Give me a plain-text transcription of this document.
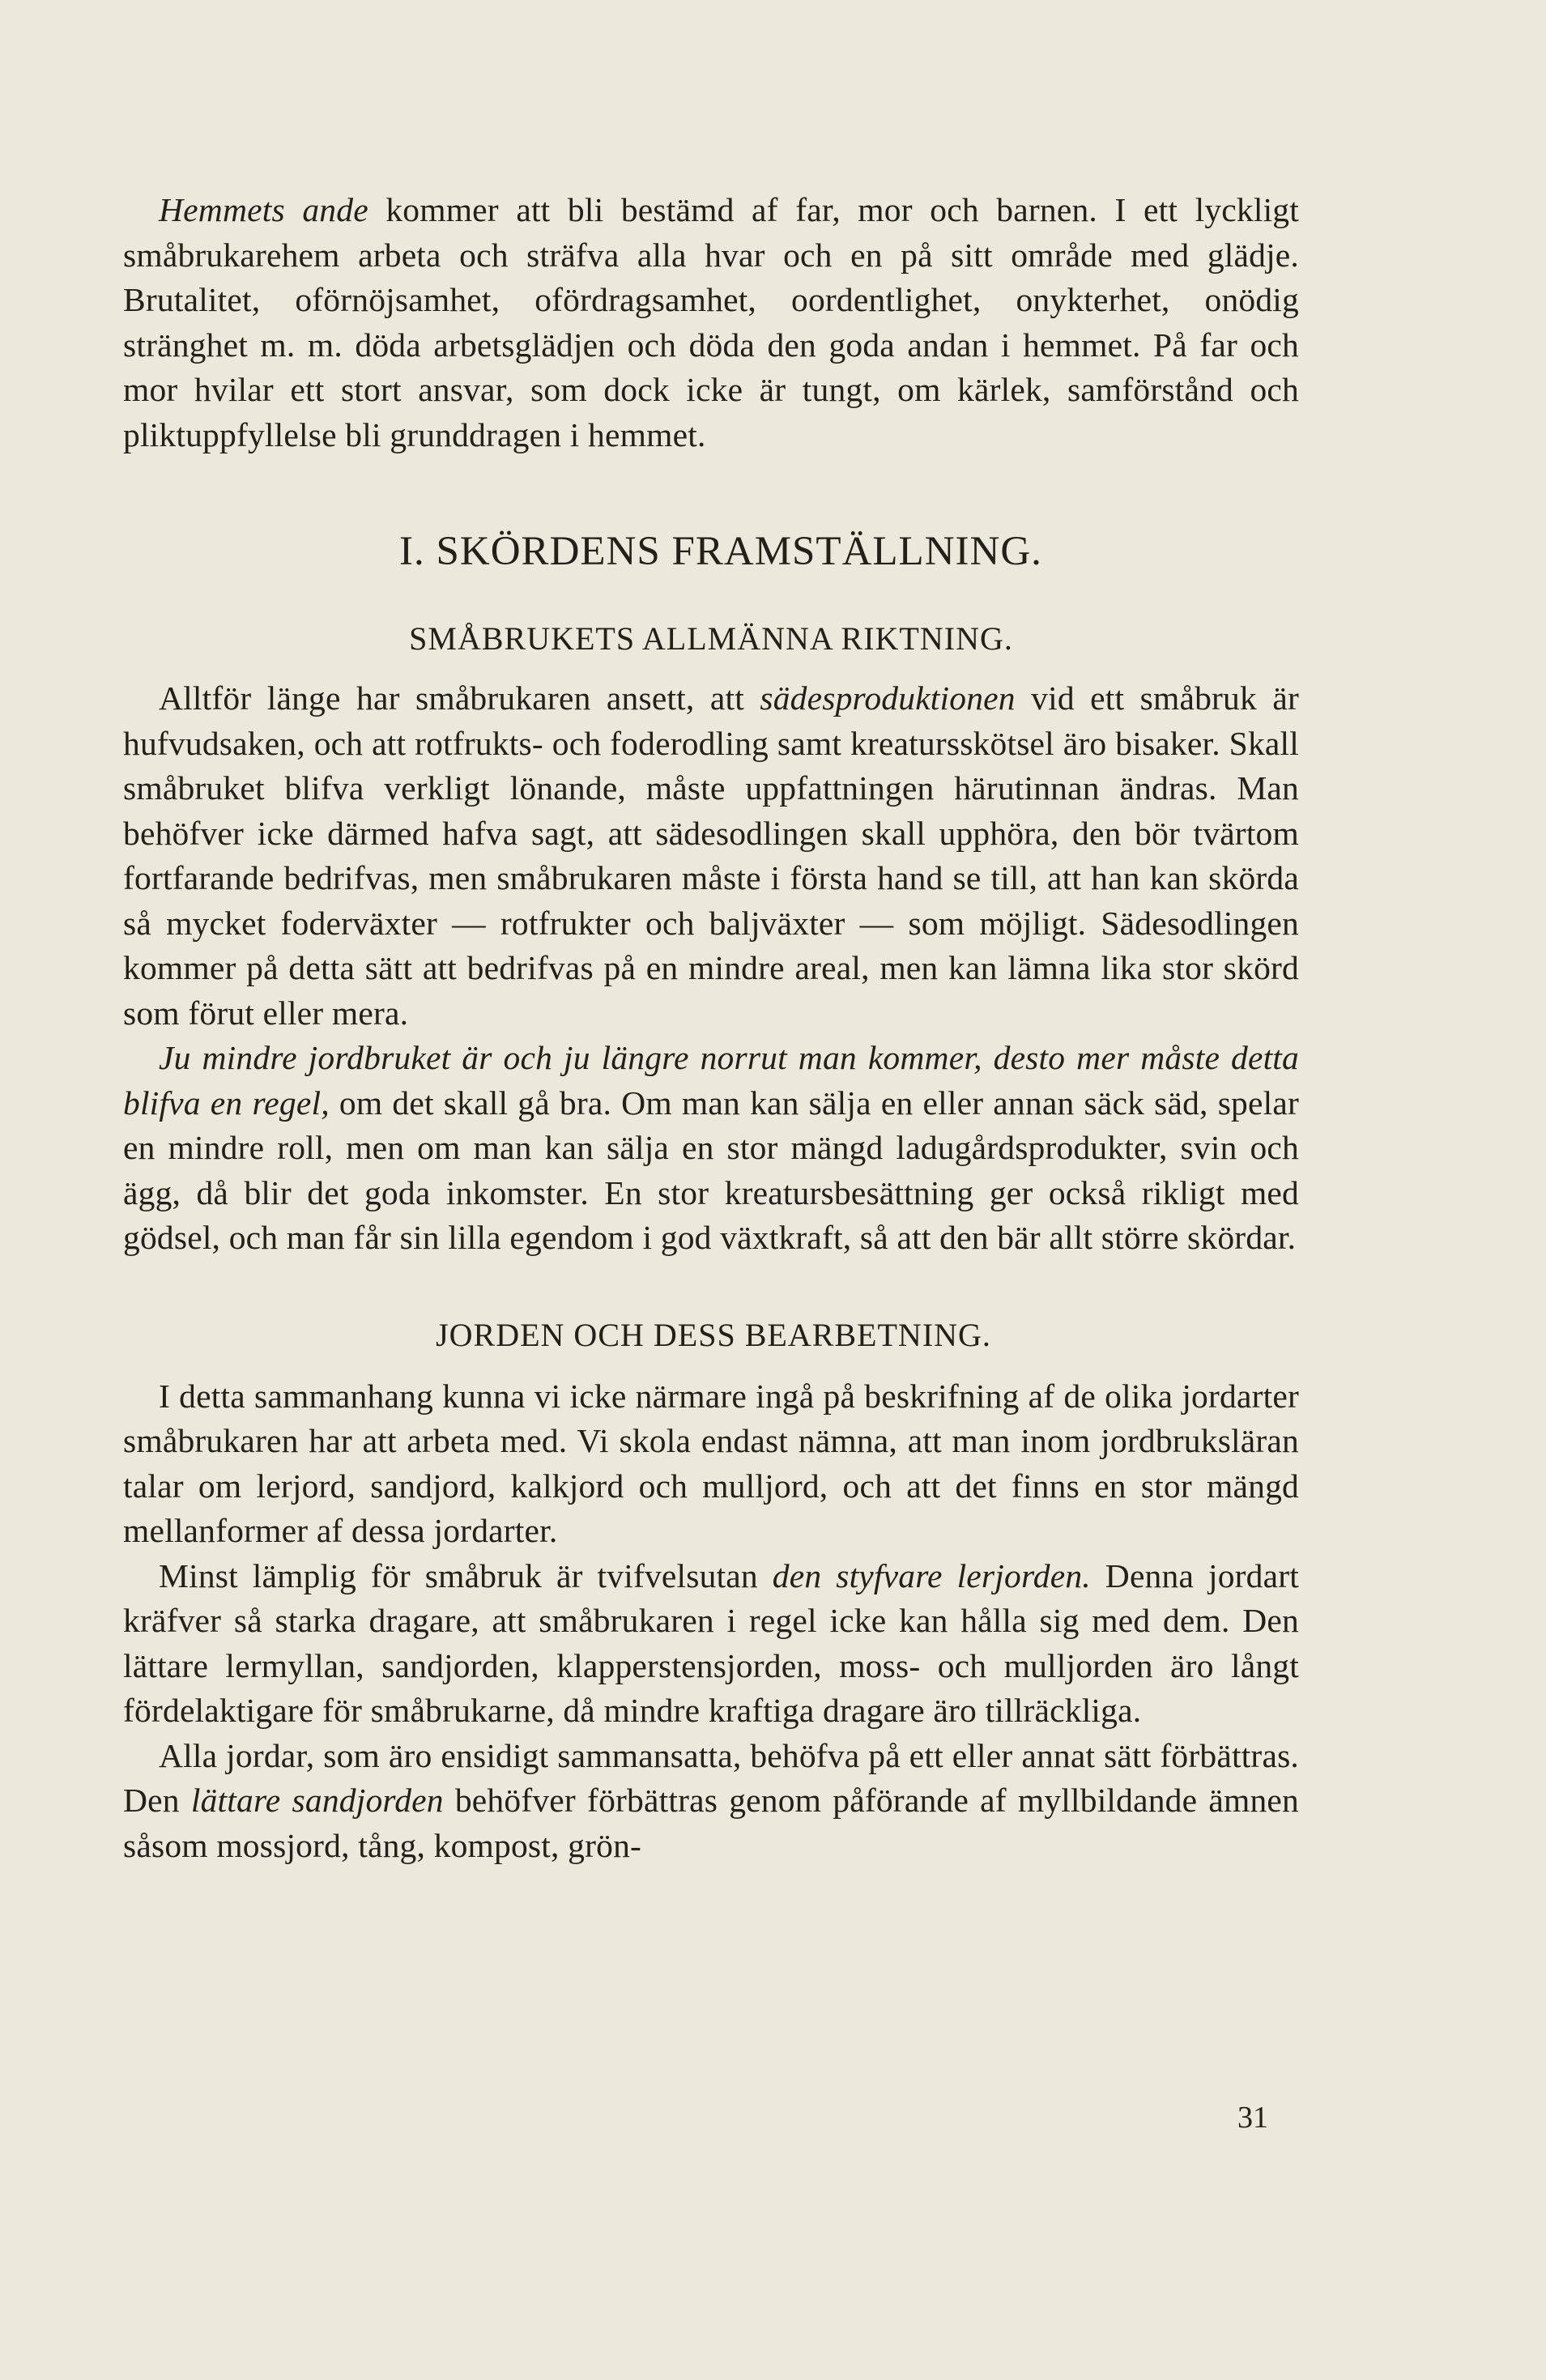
Hemmets ande kommer att bli bestämd af far, mor och barnen. I ett lyckligt småbrukarehem arbeta och sträfva alla hvar och en på sitt område med glädje. Brutalitet, oförnöjsamhet, ofördragsamhet, oordentlighet, onykterhet, onödig stränghet m. m. döda arbetsglädjen och döda den goda andan i hemmet. På far och mor hvilar ett stort ansvar, som dock icke är tungt, om kärlek, samförstånd och pliktuppfyllelse bli grunddragen i hemmet.

I. SKÖRDENS FRAMSTÄLLNING.
SMÅBRUKETS ALLMÄNNA RIKTNING.

Alltför länge har småbrukaren ansett, att sädesproduktionen vid ett småbruk är hufvudsaken, och att rotfrukts- och foderodling samt kreatursskötsel äro bisaker. Skall småbruket blifva verkligt lönande, måste uppfattningen härutinnan ändras. Man behöfver icke därmed hafva sagt, att sädesodlingen skall upphöra, den bör tvärtom fortfarande bedrifvas, men småbrukaren måste i första hand se till, att han kan skörda så mycket foderväxter — rotfrukter och baljväxter — som möjligt. Sädesodlingen kommer på detta sätt att bedrifvas på en mindre areal, men kan lämna lika stor skörd som förut eller mera.

Ju mindre jordbruket är och ju längre norrut man kommer, desto mer måste detta blifva en regel, om det skall gå bra. Om man kan sälja en eller annan säck säd, spelar en mindre roll, men om man kan sälja en stor mängd ladugårdsprodukter, svin och ägg, då blir det goda inkomster. En stor kreatursbesättning ger också rikligt med gödsel, och man får sin lilla egendom i god växtkraft, så att den bär allt större skördar.

JORDEN OCH DESS BEARBETNING.

I detta sammanhang kunna vi icke närmare ingå på beskrifning af de olika jordarter småbrukaren har att arbeta med. Vi skola endast nämna, att man inom jordbruksläran talar om lerjord, sandjord, kalkjord och mulljord, och att det finns en stor mängd mellanformer af dessa jordarter.

Minst lämplig för småbruk är tvifvelsutan den styfvare lerjorden. Denna jordart kräfver så starka dragare, att småbrukaren i regel icke kan hålla sig med dem. Den lättare lermyllan, sandjorden, klapperstensjorden, moss- och mulljorden äro långt fördelaktigare för småbrukarne, då mindre kraftiga dragare äro tillräckliga.

Alla jordar, som äro ensidigt sammansatta, behöfva på ett eller annat sätt förbättras. Den lättare sandjorden behöfver förbättras genom påförande af myllbildande ämnen såsom mossjord, tång, kompost, grön-

31
